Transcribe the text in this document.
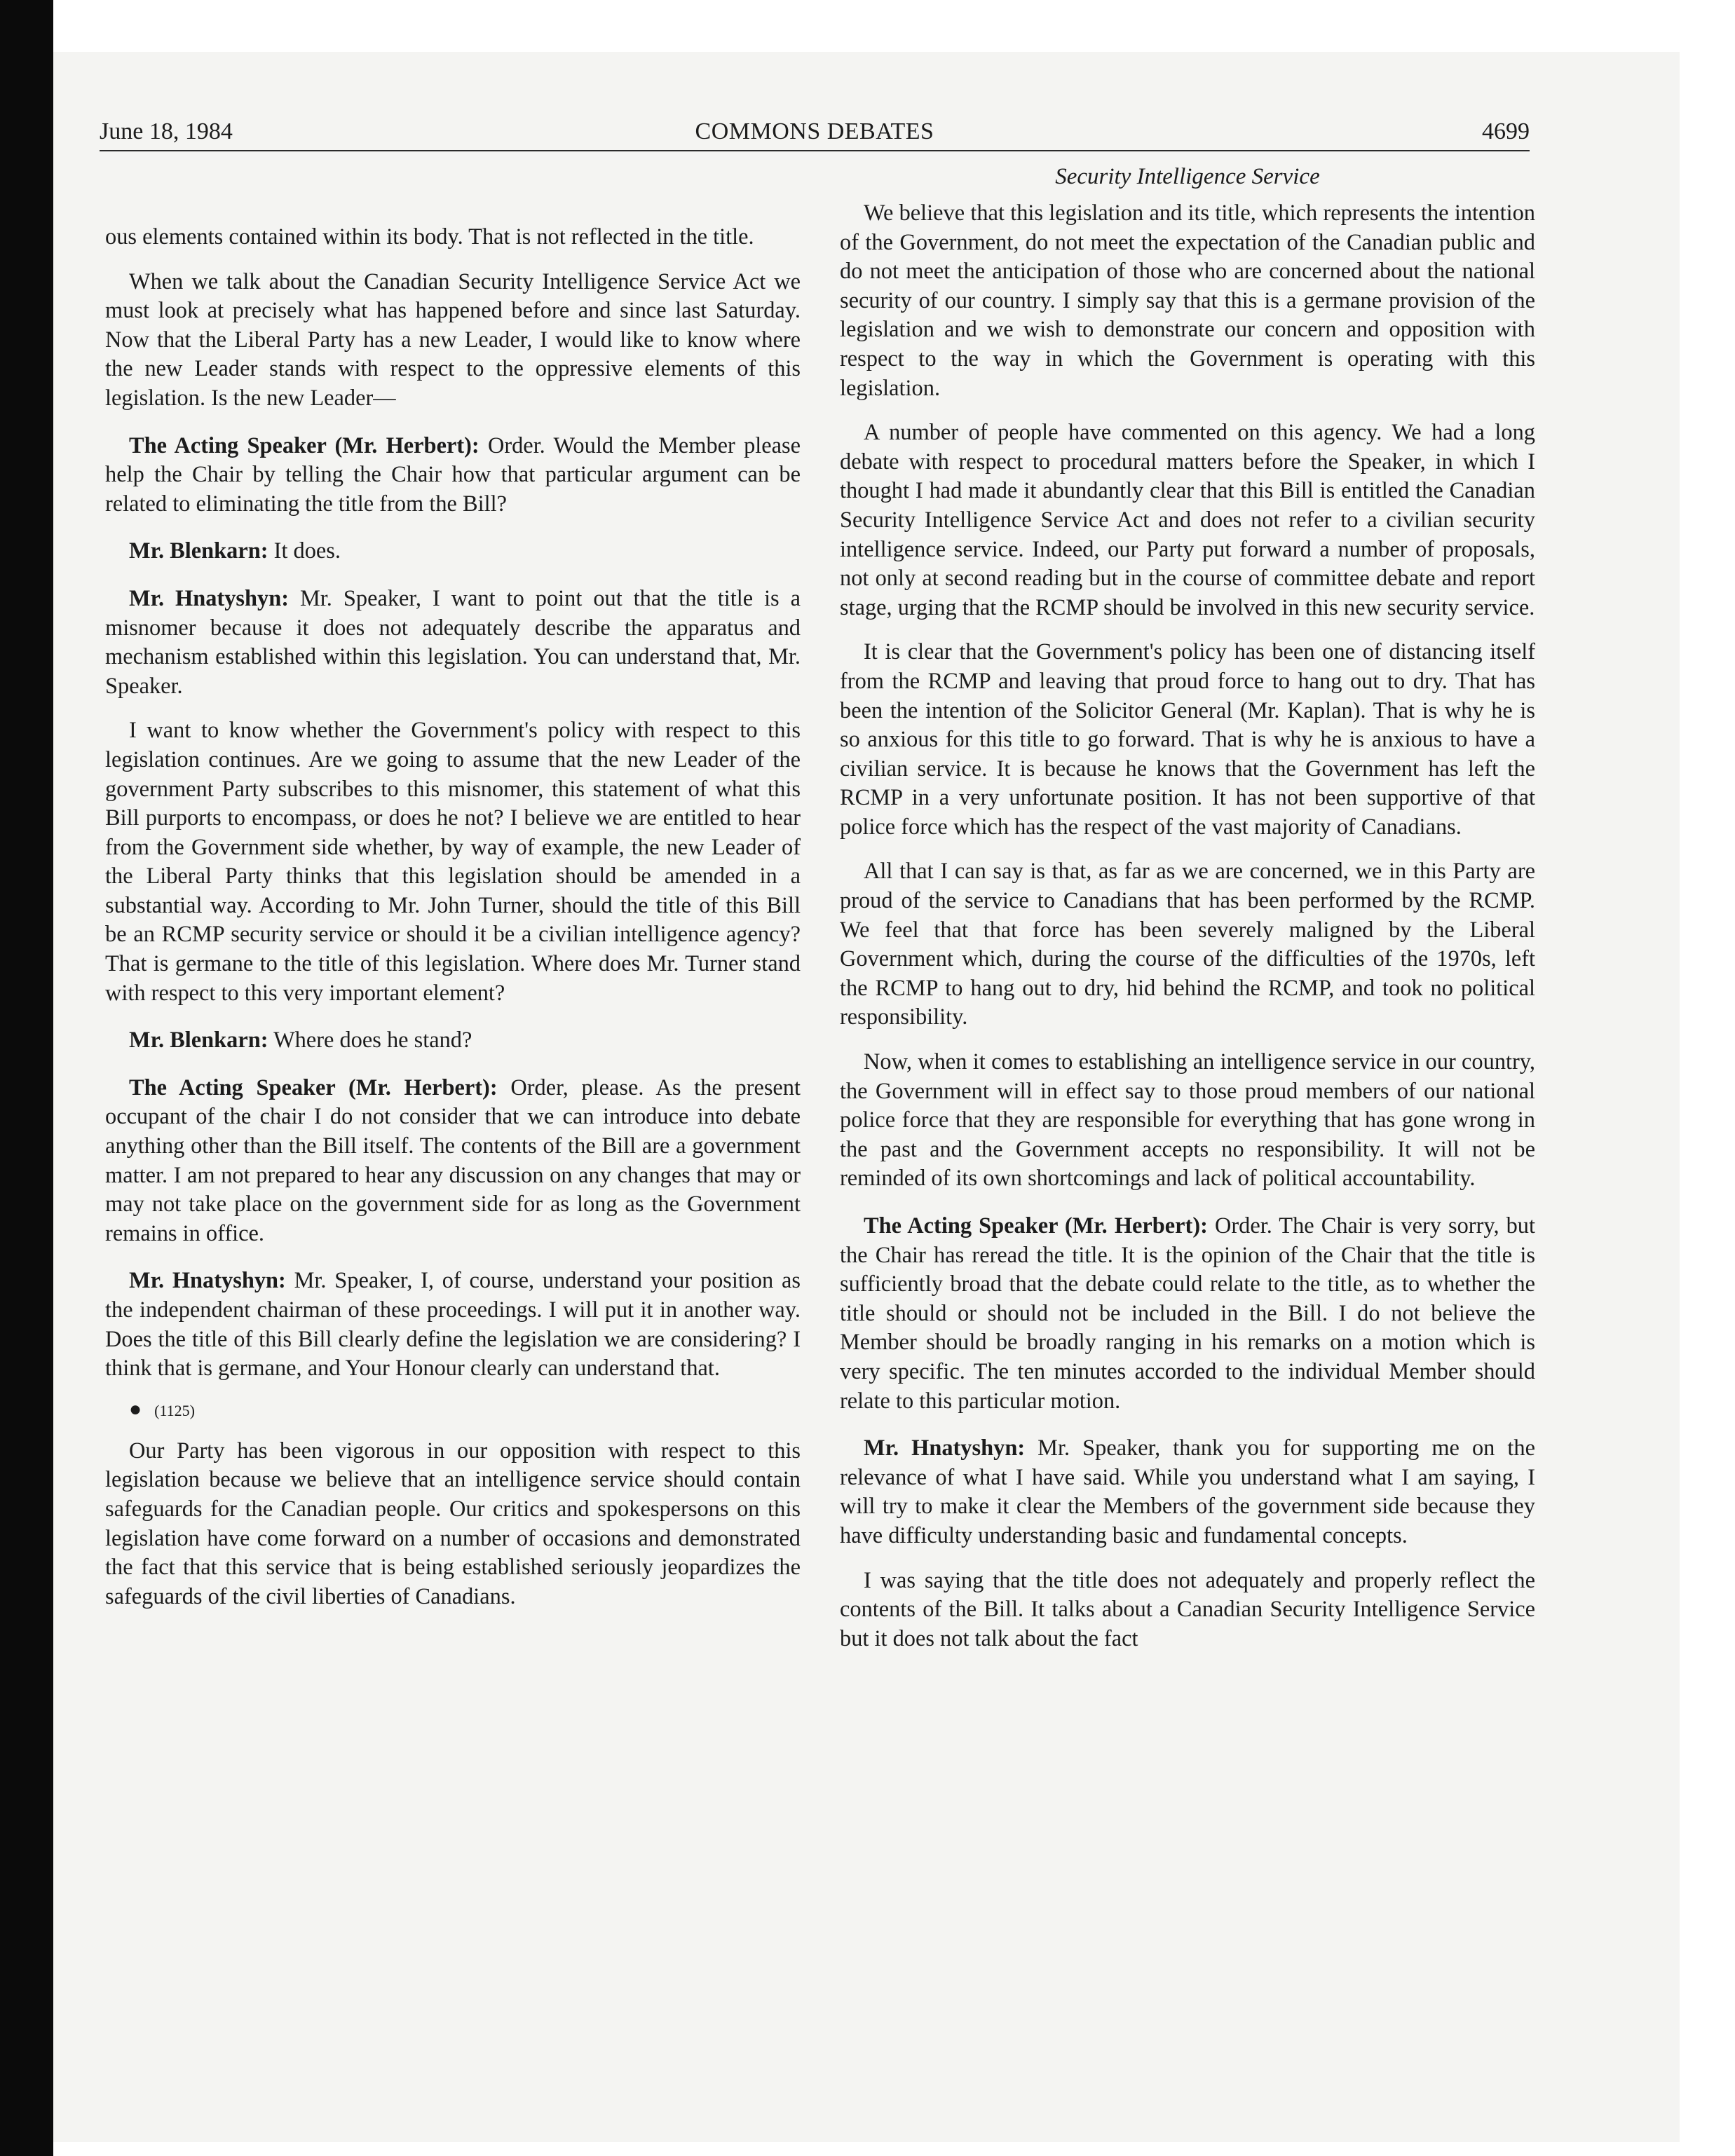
June 18, 1984	COMMONS DEBATES	4699

ous elements contained within its body. That is not reflected in the title.

When we talk about the Canadian Security Intelligence Service Act we must look at precisely what has happened before and since last Saturday. Now that the Liberal Party has a new Leader, I would like to know where the new Leader stands with respect to the oppressive elements of this legislation. Is the new Leader—

The Acting Speaker (Mr. Herbert): Order. Would the Member please help the Chair by telling the Chair how that particular argument can be related to eliminating the title from the Bill?

Mr. Blenkarn: It does.

Mr. Hnatyshyn: Mr. Speaker, I want to point out that the title is a misnomer because it does not adequately describe the apparatus and mechanism established within this legislation. You can understand that, Mr. Speaker.

I want to know whether the Government's policy with respect to this legislation continues. Are we going to assume that the new Leader of the government Party subscribes to this misnomer, this statement of what this Bill purports to encompass, or does he not? I believe we are entitled to hear from the Government side whether, by way of example, the new Leader of the Liberal Party thinks that this legislation should be amended in a substantial way. According to Mr. John Turner, should the title of this Bill be an RCMP security service or should it be a civilian intelligence agency? That is germane to the title of this legislation. Where does Mr. Turner stand with respect to this very important element?

Mr. Blenkarn: Where does he stand?

The Acting Speaker (Mr. Herbert): Order, please. As the present occupant of the chair I do not consider that we can introduce into debate anything other than the Bill itself. The contents of the Bill are a government matter. I am not prepared to hear any discussion on any changes that may or may not take place on the government side for as long as the Government remains in office.

Mr. Hnatyshyn: Mr. Speaker, I, of course, understand your position as the independent chairman of these proceedings. I will put it in another way. Does the title of this Bill clearly define the legislation we are considering? I think that is germane, and Your Honour clearly can understand that.

● (1125)

Our Party has been vigorous in our opposition with respect to this legislation because we believe that an intelligence service should contain safeguards for the Canadian people. Our critics and spokespersons on this legislation have come forward on a number of occasions and demonstrated the fact that this service that is being established seriously jeopardizes the safeguards of the civil liberties of Canadians.

Security Intelligence Service

We believe that this legislation and its title, which represents the intention of the Government, do not meet the expectation of the Canadian public and do not meet the anticipation of those who are concerned about the national security of our country. I simply say that this is a germane provision of the legislation and we wish to demonstrate our concern and opposition with respect to the way in which the Government is operating with this legislation.

A number of people have commented on this agency. We had a long debate with respect to procedural matters before the Speaker, in which I thought I had made it abundantly clear that this Bill is entitled the Canadian Security Intelligence Service Act and does not refer to a civilian security intelligence service. Indeed, our Party put forward a number of proposals, not only at second reading but in the course of committee debate and report stage, urging that the RCMP should be involved in this new security service.

It is clear that the Government's policy has been one of distancing itself from the RCMP and leaving that proud force to hang out to dry. That has been the intention of the Solicitor General (Mr. Kaplan). That is why he is so anxious for this title to go forward. That is why he is anxious to have a civilian service. It is because he knows that the Government has left the RCMP in a very unfortunate position. It has not been supportive of that police force which has the respect of the vast majority of Canadians.

All that I can say is that, as far as we are concerned, we in this Party are proud of the service to Canadians that has been performed by the RCMP. We feel that that force has been severely maligned by the Liberal Government which, during the course of the difficulties of the 1970s, left the RCMP to hang out to dry, hid behind the RCMP, and took no political responsibility.

Now, when it comes to establishing an intelligence service in our country, the Government will in effect say to those proud members of our national police force that they are responsible for everything that has gone wrong in the past and the Government accepts no responsibility. It will not be reminded of its own shortcomings and lack of political accountability.

The Acting Speaker (Mr. Herbert): Order. The Chair is very sorry, but the Chair has reread the title. It is the opinion of the Chair that the title is sufficiently broad that the debate could relate to the title, as to whether the title should or should not be included in the Bill. I do not believe the Member should be broadly ranging in his remarks on a motion which is very specific. The ten minutes accorded to the individual Member should relate to this particular motion.

Mr. Hnatyshyn: Mr. Speaker, thank you for supporting me on the relevance of what I have said. While you understand what I am saying, I will try to make it clear the Members of the government side because they have difficulty understanding basic and fundamental concepts.

I was saying that the title does not adequately and properly reflect the contents of the Bill. It talks about a Canadian Security Intelligence Service but it does not talk about the fact
